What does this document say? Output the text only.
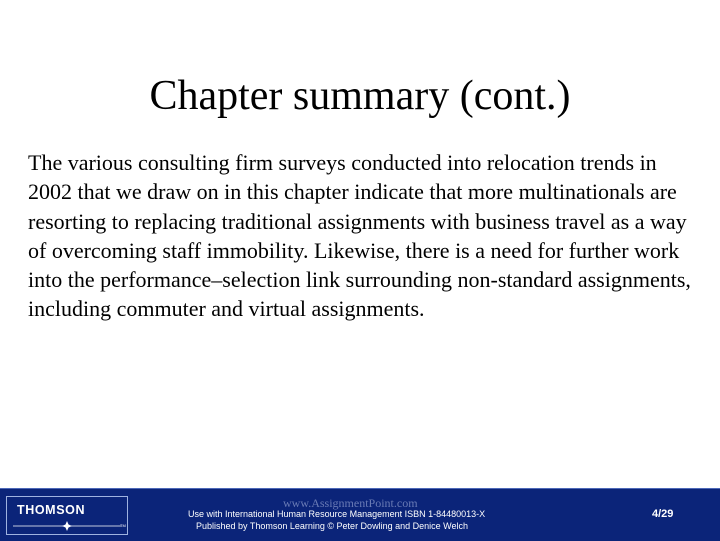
Chapter summary (cont.)
The various consulting firm surveys conducted into relocation trends in 2002 that we draw on in this chapter indicate that more multinationals are resorting to replacing traditional assignments with business travel as a way of overcoming staff immobility. Likewise, there is a need for further work into the performance–selection link surrounding non-standard assignments, including commuter and virtual assignments.
THOMSON
TM
www.AssignmentPoint.com
Use with International Human Resource Management ISBN 1-84480013-X
Published by Thomson Learning © Peter Dowling and Denice Welch
4/29
